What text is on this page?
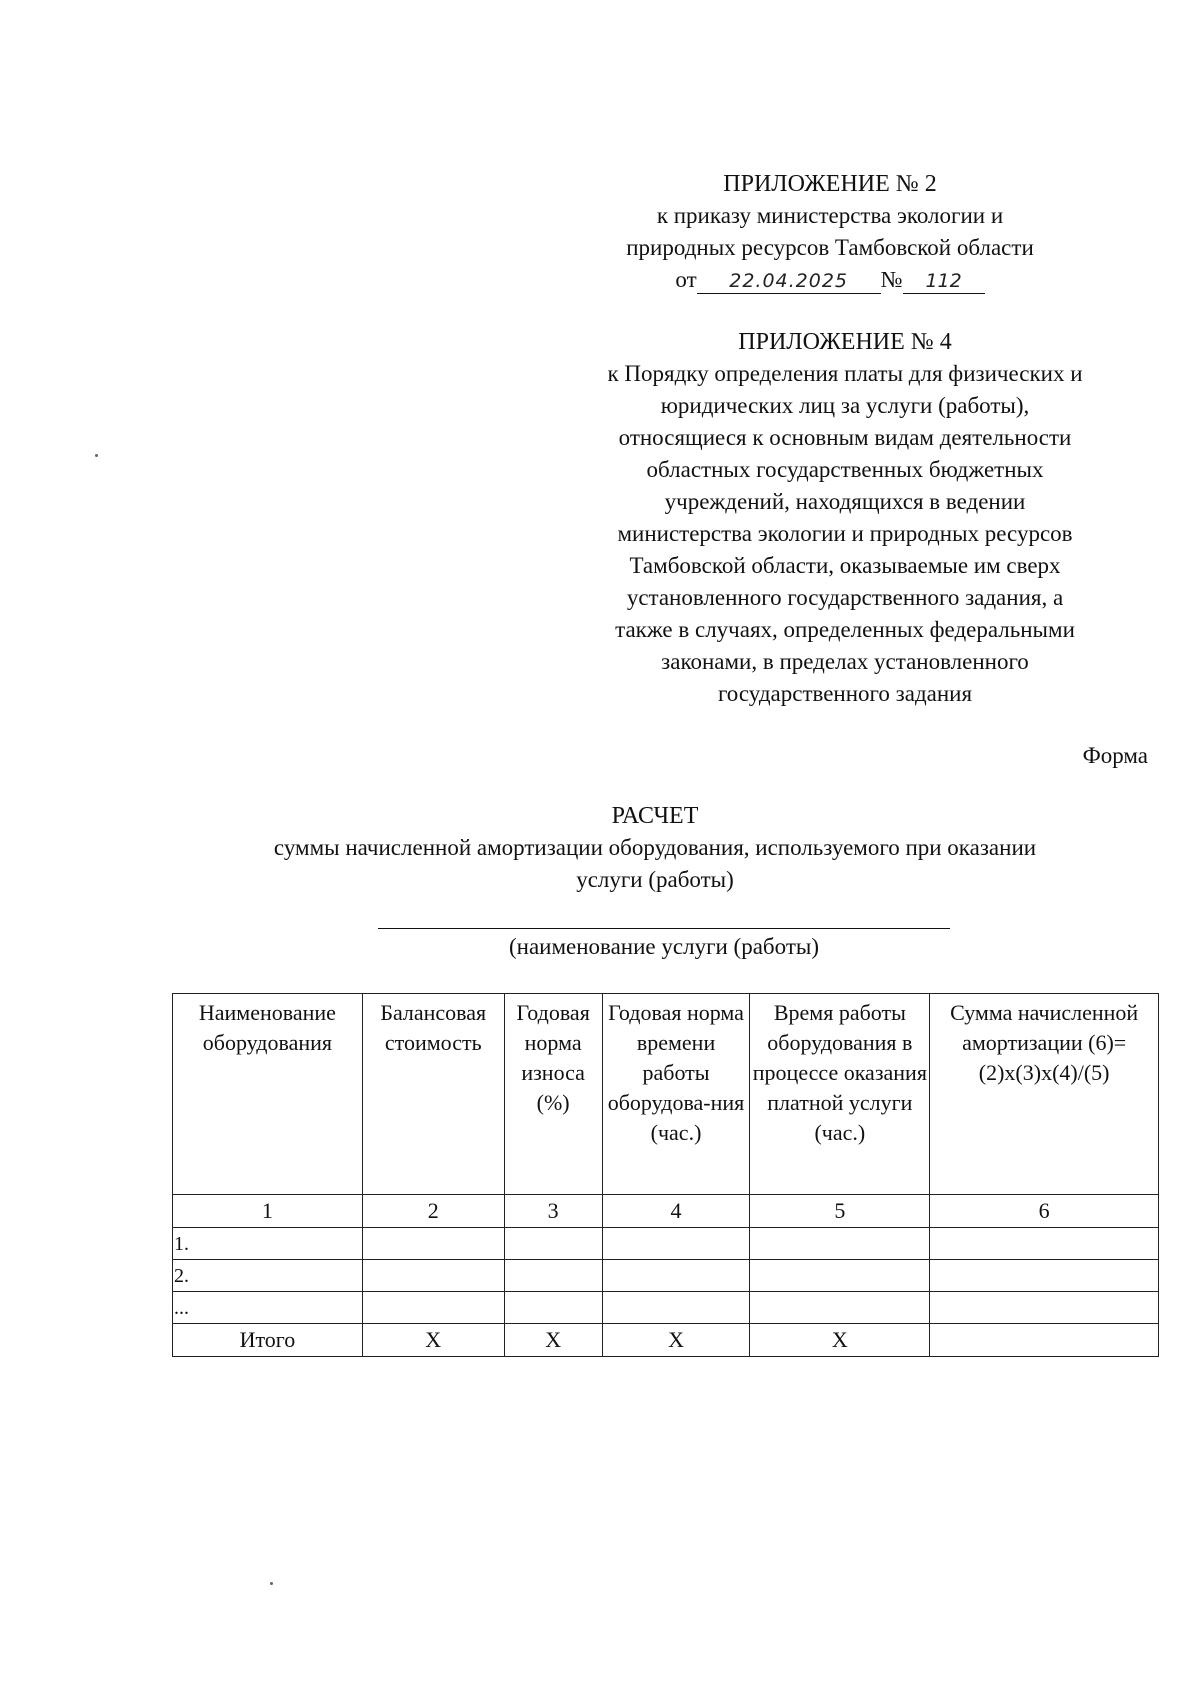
ПРИЛОЖЕНИЕ № 2
к приказу министерства экологии и
природных ресурсов Тамбовской области
от 22.04.2025 № 112
ПРИЛОЖЕНИЕ № 4
к Порядку определения платы для физических и
юридических лиц за услуги (работы),
относящиеся к основным видам деятельности
областных государственных бюджетных
учреждений, находящихся в ведении
министерства экологии и природных ресурсов
Тамбовской области, оказываемые им сверх
установленного государственного задания, а
также в случаях, определенных федеральными
законами, в пределах установленного
государственного задания
Форма
РАСЧЕТ
суммы начисленной амортизации оборудования, используемого при оказании
услуги (работы)
(наименование услуги (работы)
Наименование оборудования	Балансовая стоимость	Годовая норма износа (%)	Годовая норма времени работы оборудова-ния (час.)	Время работы оборудования в процессе оказания платной услуги (час.)	Сумма начисленной амортизации (6)=(2)x(3)x(4)/(5)
1	2	3	4	5	6
1.					
2.					
...					
Итого	X	X	X	X	
